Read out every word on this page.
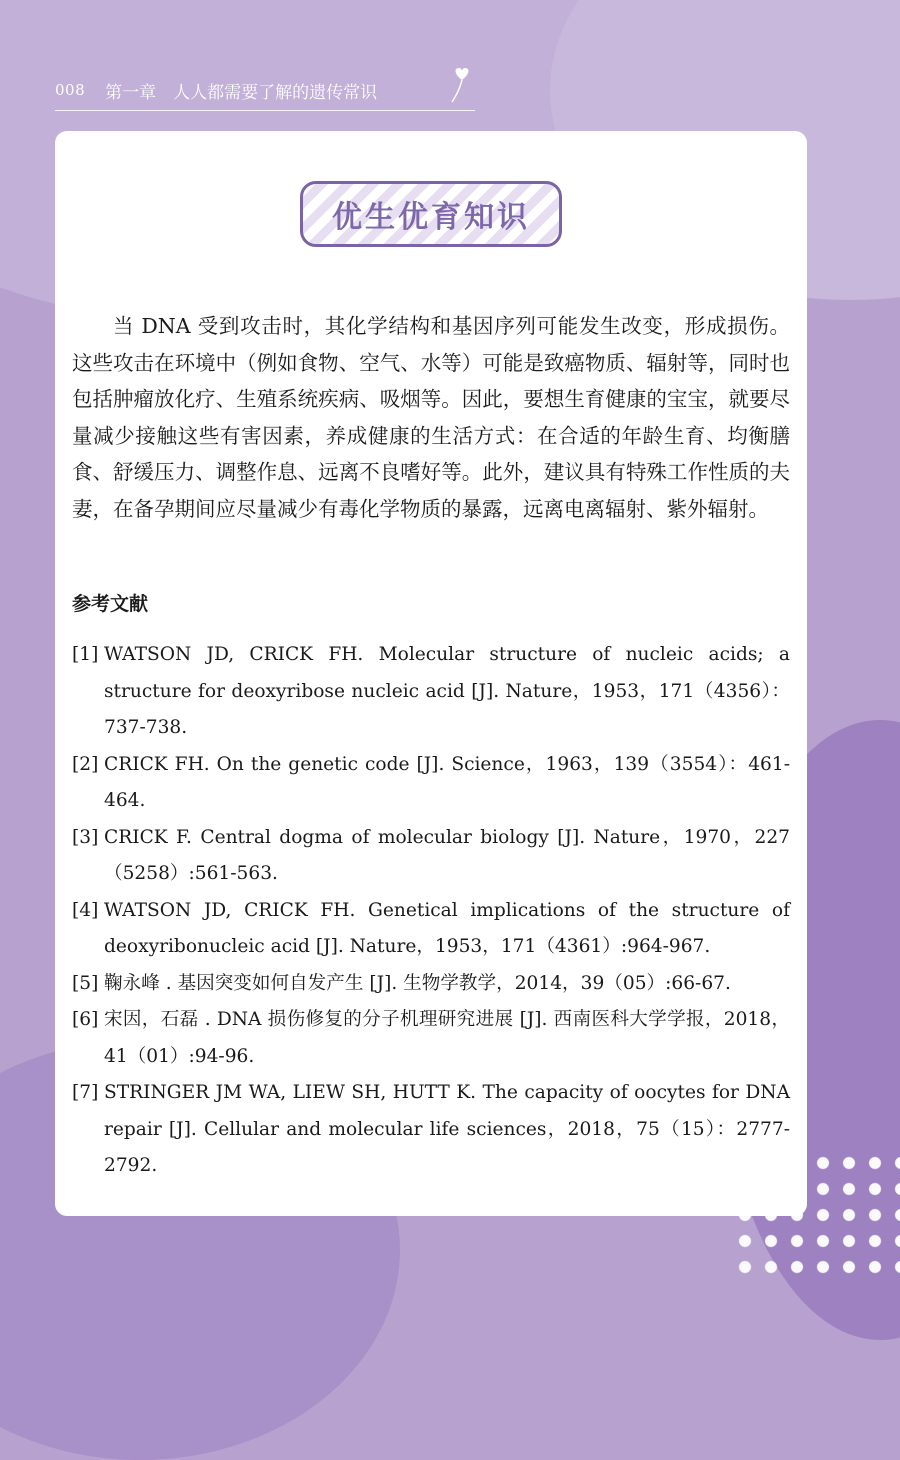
008 第一章　人人都需要了解的遗传常识
优生优育知识

当 DNA 受到攻击时，其化学结构和基因序列可能发生改变，形成损伤。这些攻击在环境中（例如食物、空气、水等）可能是致癌物质、辐射等，同时也包括肿瘤放化疗、生殖系统疾病、吸烟等。因此，要想生育健康的宝宝，就要尽量减少接触这些有害因素，养成健康的生活方式：在合适的年龄生育、均衡膳食、舒缓压力、调整作息、远离不良嗜好等。此外，建议具有特殊工作性质的夫妻，在备孕期间应尽量减少有毒化学物质的暴露，远离电离辐射、紫外辐射。

参考文献
[1] WATSON JD, CRICK FH. Molecular structure of nucleic acids; a structure for deoxyribose nucleic acid [J]. Nature，1953，171（4356）：737-738.
[2] CRICK FH. On the genetic code [J]. Science，1963，139（3554）：461-464.
[3] CRICK F. Central dogma of molecular biology [J]. Nature，1970，227（5258）:561-563.
[4] WATSON JD, CRICK FH. Genetical implications of the structure of deoxyribonucleic acid [J]. Nature，1953，171（4361）:964-967.
[5] 鞠永峰 . 基因突变如何自发产生 [J]. 生物学教学，2014，39（05）:66-67.
[6] 宋因，石磊 . DNA 损伤修复的分子机理研究进展 [J]. 西南医科大学学报，2018，41（01）:94-96.
[7] STRINGER JM WA, LIEW SH, HUTT K. The capacity of oocytes for DNA repair [J]. Cellular and molecular life sciences，2018，75（15）：2777-2792.
